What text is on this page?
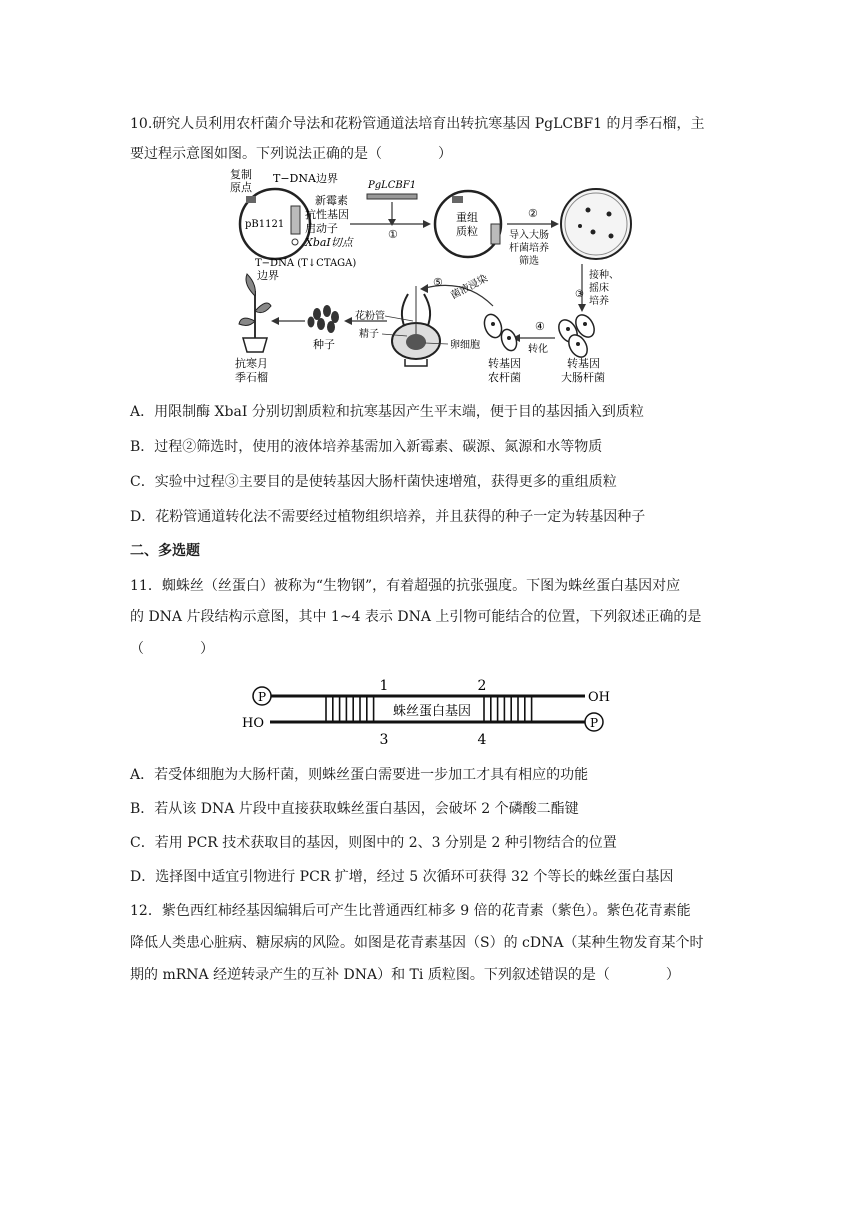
10.研究人员利用农杆菌介导法和花粉管通道法培育出转抗寒基因 PgLCBF1 的月季石榴，主
要过程示意图如图。下列说法正确的是（　　　　）
复制
原点
T−DNA边界
pB1121
新霉素
抗性基因
启动子
XbaⅠ切点
T−DNA (T↓CTAGA)
边界
PgLCBF1
①
重组
质粒
②
导入大肠
杆菌培养
筛选
接种、
摇床
培养
③
转基因
大肠杆菌
④
转化
转基因
农杆菌
⑤ 菌液浸染
花粉管
精子
卵细胞
种子
抗寒月
季石榴
A．用限制酶 XbaI 分别切割质粒和抗寒基因产生平末端，便于目的基因插入到质粒
B．过程②筛选时，使用的液体培养基需加入新霉素、碳源、氮源和水等物质
C．实验中过程③主要目的是使转基因大肠杆菌快速增殖，获得更多的重组质粒
D．花粉管通道转化法不需要经过植物组织培养，并且获得的种子一定为转基因种子
二、多选题
11．蜘蛛丝（丝蛋白）被称为“生物钢”，有着超强的抗张强度。下图为蛛丝蛋白基因对应
的 DNA 片段结构示意图，其中 1~4 表示 DNA 上引物可能结合的位置，下列叙述正确的是
（　　　　）
蛛丝蛋白基因
P
P
OH
HO
1	2
3	4
A．若受体细胞为大肠杆菌，则蛛丝蛋白需要进一步加工才具有相应的功能
B．若从该 DNA 片段中直接获取蛛丝蛋白基因，会破坏 2 个磷酸二酯键
C．若用 PCR 技术获取目的基因，则图中的 2、3 分别是 2 种引物结合的位置
D．选择图中适宜引物进行 PCR 扩增，经过 5 次循环可获得 32 个等长的蛛丝蛋白基因
12．紫色西红柿经基因编辑后可产生比普通西红柿多 9 倍的花青素（紫色）。紫色花青素能
降低人类患心脏病、糖尿病的风险。如图是花青素基因（S）的 cDNA（某种生物发育某个时
期的 mRNA 经逆转录产生的互补 DNA）和 Ti 质粒图。下列叙述错误的是（　　　　）
